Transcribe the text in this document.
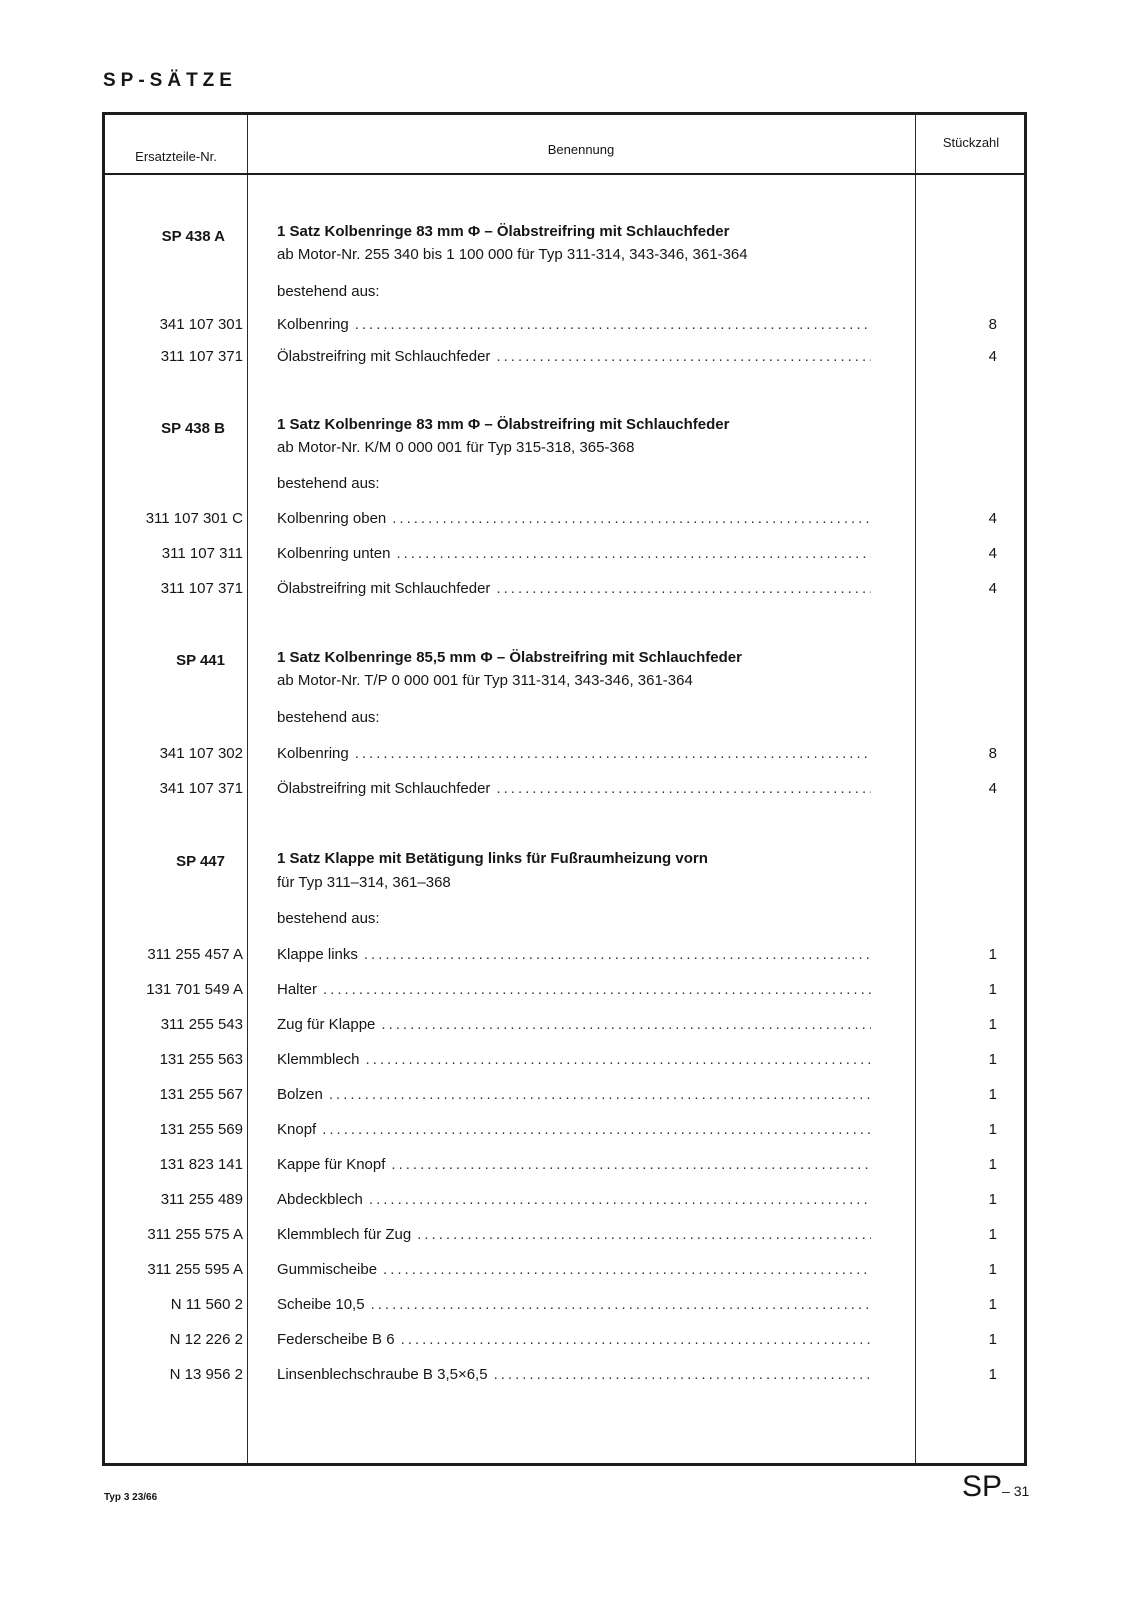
SP-SÄTZE
Ersatzteile-Nr.	Benennung	Stückzahl
SP 438 A	1 Satz Kolbenringe 83 mm Φ – Ölabstreifring mit Schlauchfeder
ab Motor-Nr. 255 340 bis 1 100 000 für Typ 311-314, 343-346, 361-364
bestehend aus:
341 107 301 Kolbenring .....	8
311 107 371 Ölabstreifring mit Schlauchfeder .....	4
SP 438 B	1 Satz Kolbenringe 83 mm Φ – Ölabstreifring mit Schlauchfeder
ab Motor-Nr. K/M 0 000 001 für Typ 315-318, 365-368
bestehend aus:
311 107 301 C Kolbenring oben .....	4
311 107 311 Kolbenring unten .....	4
311 107 371 Ölabstreifring mit Schlauchfeder .....	4
SP 441	1 Satz Kolbenringe 85,5 mm Φ – Ölabstreifring mit Schlauchfeder
ab Motor-Nr. T/P 0 000 001 für Typ 311-314, 343-346, 361-364
bestehend aus:
341 107 302 Kolbenring .....	8
341 107 371 Ölabstreifring mit Schlauchfeder .....	4
SP 447	1 Satz Klappe mit Betätigung links für Fußraumheizung vorn
für Typ 311–314, 361–368
bestehend aus:
311 255 457 A Klappe links .....	1
131 701 549 A Halter .....	1
311 255 543 Zug für Klappe .....	1
131 255 563 Klemmblech .....	1
131 255 567 Bolzen .....	1
131 255 569 Knopf .....	1
131 823 141 Kappe für Knopf .....	1
311 255 489 Abdeckblech .....	1
311 255 575 A Klemmblech für Zug .....	1
311 255 595 A Gummischeibe .....	1
N 11 560 2 Scheibe 10,5 .....	1
N 12 226 2 Federscheibe B 6 .....	1
N 13 956 2 Linsenblechschraube B 3,5×6,5 .....	1
Typ 3 23/66	SP– 31
